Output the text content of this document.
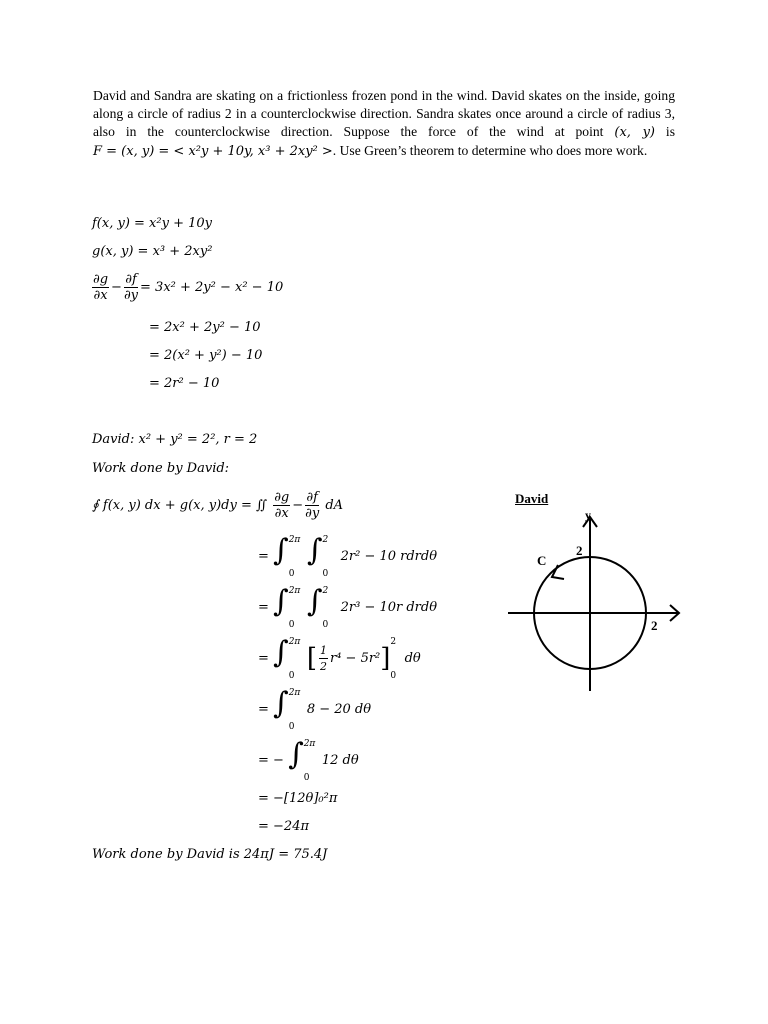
David and Sandra are skating on a frictionless frozen pond in the wind. David skates on the inside, going along a circle of radius 2 in a counterclockwise direction. Sandra skates once around a circle of radius 3, also in the counterclockwise direction. Suppose the force of the wind at point (x, y) is F = (x, y) = < x²y + 10y, x³ + 2xy² >. Use Green’s theorem to determine who does more work.
f(x, y) = x²y + 10y
g(x, y) = x³ + 2xy²
$\frac{\partial g}{\partial x} - \frac{\partial f}{\partial y} = 3x^2 + 2y^2 - x^2 - 10$
= 2x² + 2y² − 10
= 2(x² + y²) − 10
= 2r² − 10
David: x² + y² = 2², r = 2
Work done by David:
∮ f(x, y) dx + g(x, y)dy = ∬ $\frac{\partial g}{\partial x} - \frac{\partial f}{\partial y}$ dA
= ∫ 2π
0
∫ 2
0
2r² − 10 rdrdθ
= ∫ 2π
0
∫ 2
0
2r³ − 10r drdθ
= ∫ 2π
0
[ $\frac{1}{2} r^4 - 5r^2$]
2
0
dθ
= ∫ 2π
0
8 − 20 dθ
= − ∫ 2π
0
12 dθ
= −[12θ]₀²π
= −24π
Work done by David is 24πJ = 75.4J
David
y
2
2
C
